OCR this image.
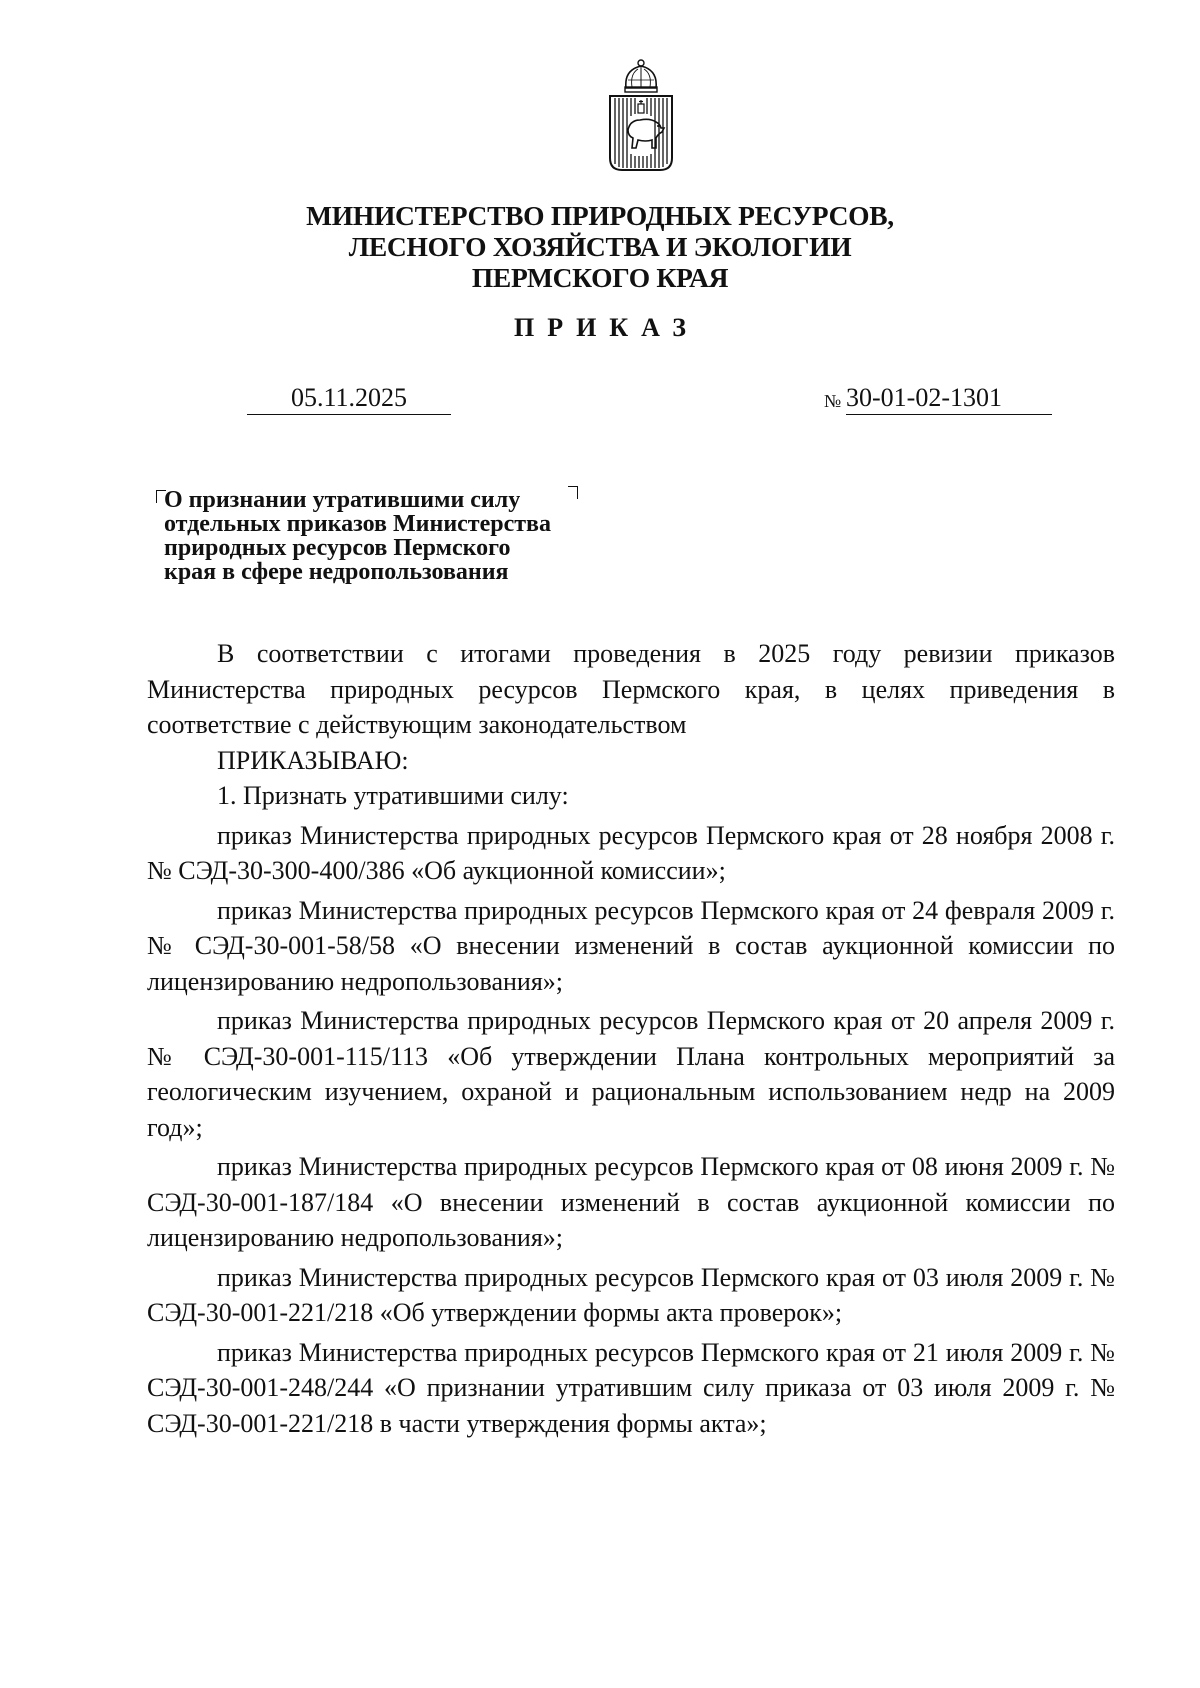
МИНИСТЕРСТВО ПРИРОДНЫХ РЕСУРСОВ,
ЛЕСНОГО ХОЗЯЙСТВА И ЭКОЛОГИИ
ПЕРМСКОГО КРАЯ
ПРИКАЗ
05.11.2025	№ 30-01-02-1301
О признании утратившими силу
отдельных приказов Министерства
природных ресурсов Пермского
края в сфере недропользования

В соответствии с итогами проведения в 2025 году ревизии приказов Министерства природных ресурсов Пермского края, в целях приведения в соответствие с действующим законодательством

ПРИКАЗЫВАЮ:

1. Признать утратившими силу:

приказ Министерства природных ресурсов Пермского края от 28 ноября 2008 г. № СЭД-30-300-400/386 «Об аукционной комиссии»;

приказ Министерства природных ресурсов Пермского края от 24 февраля 2009 г. № СЭД-30-001-58/58 «О внесении изменений в состав аукционной комиссии по лицензированию недропользования»;

приказ Министерства природных ресурсов Пермского края от 20 апреля 2009 г. № СЭД-30-001-115/113 «Об утверждении Плана контрольных мероприятий за геологическим изучением, охраной и рациональным использованием недр на 2009 год»;

приказ Министерства природных ресурсов Пермского края от 08 июня 2009 г. № СЭД-30-001-187/184 «О внесении изменений в состав аукционной комиссии по лицензированию недропользования»;

приказ Министерства природных ресурсов Пермского края от 03 июля 2009 г. № СЭД-30-001-221/218 «Об утверждении формы акта проверок»;

приказ Министерства природных ресурсов Пермского края от 21 июля 2009 г. № СЭД-30-001-248/244 «О признании утратившим силу приказа от 03 июля 2009 г. № СЭД-30-001-221/218 в части утверждения формы акта»;
